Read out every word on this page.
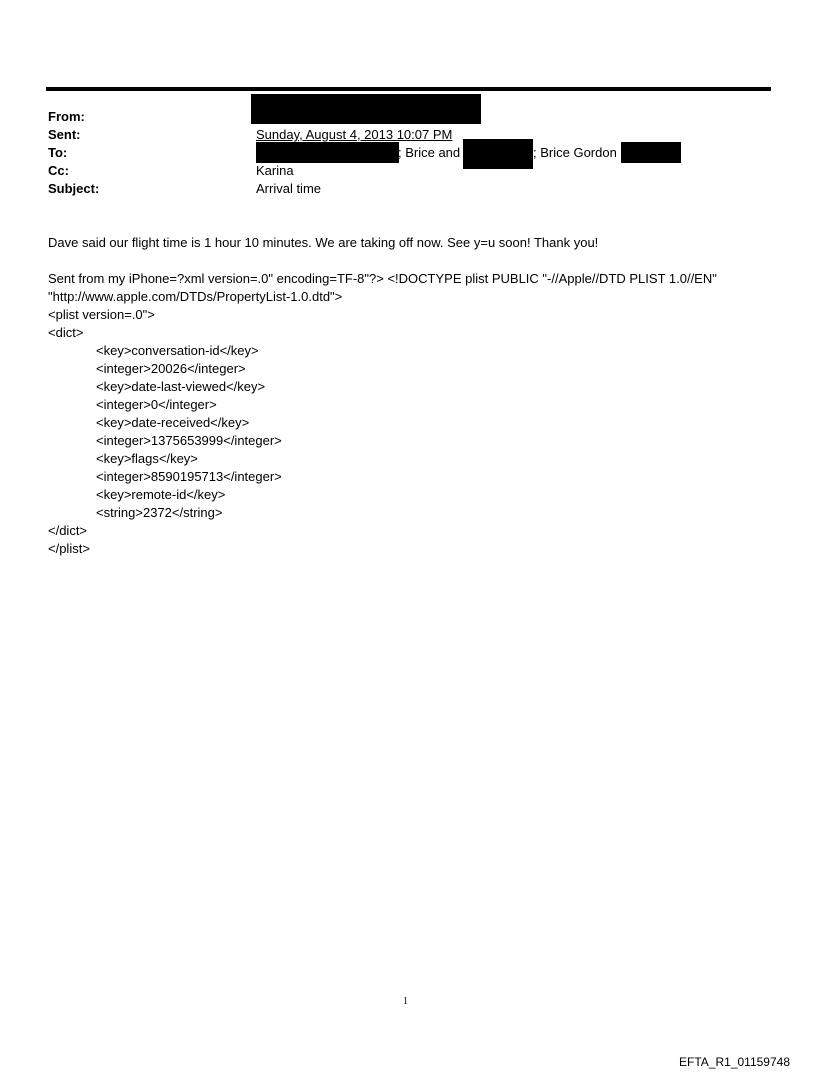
From:
Sent:
To:
Cc:
Subject:
Sunday, August 4, 2013 10:07 PM
; Brice and	; Brice Gordon
Karina
Arrival time
Dave said our flight time is 1 hour 10 minutes. We are taking off now. See y=u soon! Thank you!
Sent from my iPhone=?xml version=.0" encoding=TF-8"?> <!DOCTYPE plist PUBLIC "-//Apple//DTD PLIST 1.0//EN"
"http://www.apple.com/DTDs/PropertyList-1.0.dtd">
<plist version=.0">
<dict>
<key>conversation-id</key>
<integer>20026</integer>
<key>date-last-viewed</key>
<integer>0</integer>
<key>date-received</key>
<integer>1375653999</integer>
<key>flags</key>
<integer>8590195713</integer>
<key>remote-id</key>
<string>2372</string>
</dict>
</plist>
1
EFTA_R1_01159748
